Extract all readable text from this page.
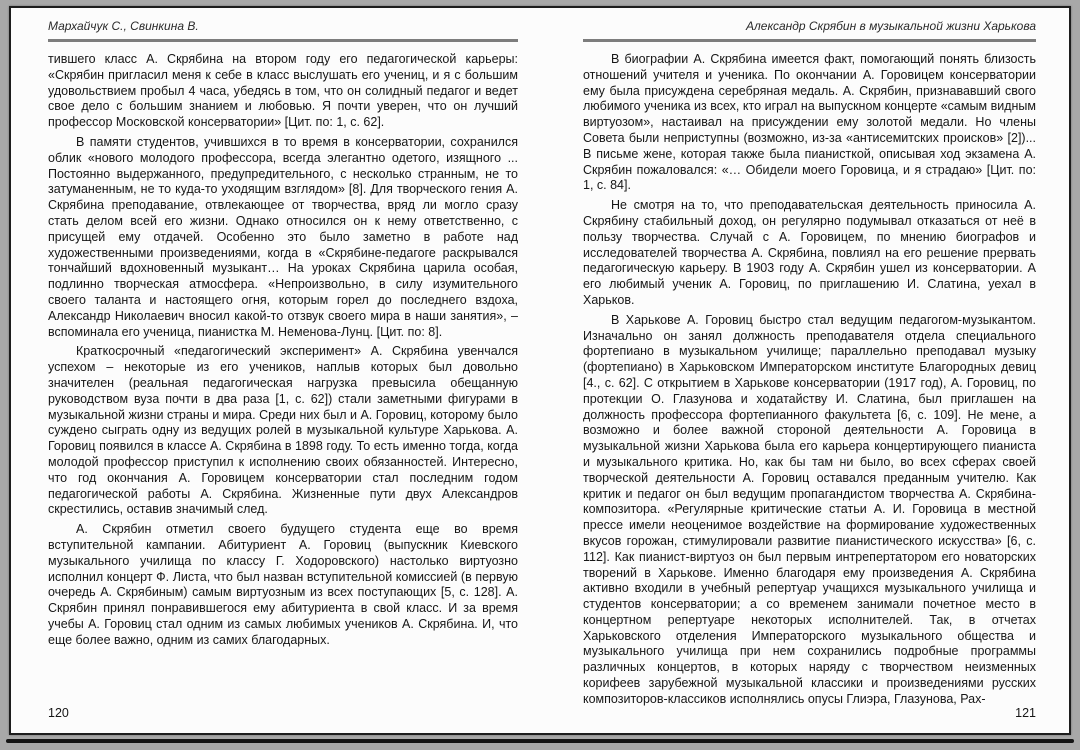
Мархайчук С., Свинкина В.

тившего класс А. Скрябина на втором году его педагогической карьеры: «Скрябин пригласил меня к себе в класс выслушать его учениц, и я с большим удовольствием пробыл 4 часа, убедясь в том, что он солидный педагог и ведет свое дело с большим знанием и любовью. Я почти уверен, что он лучший профессор Московской консерватории» [Цит. по: 1, с. 62].

В памяти студентов, учившихся в то время в консерватории, сохранился облик «нового молодого профессора, всегда элегантно одетого, изящного ... Постоянно выдержанного, предупредительного, с несколько странным, не то затуманенным, не то куда-то уходящим взглядом» [8]. Для творческого гения А. Скрябина преподавание, отвлекающее от творчества, вряд ли могло сразу стать делом всей его жизни. Однако относился он к нему ответственно, с присущей ему отдачей. Особенно это было заметно в работе над художественными произведениями, когда в «Скрябине-педагоге раскрывался тончайший вдохновенный музыкант… На уроках Скрябина царила особая, подлинно творческая атмосфера. «Непроизвольно, в силу изумительного своего таланта и настоящего огня, которым горел до последнего вздоха, Александр Николаевич вносил какой-то отзвук своего мира в наши занятия», – вспоминала его ученица, пианистка М. Неменова-Лунц. [Цит. по: 8].

Краткосрочный «педагогический эксперимент» А. Скрябина увенчался успехом – некоторые из его учеников, наплыв которых был довольно значителен (реальная педагогическая нагрузка превысила обещанную руководством вуза почти в два раза [1, с. 62]) стали заметными фигурами в музыкальной жизни страны и мира. Среди них был и А. Горовиц, которому было суждено сыграть одну из ведущих ролей в музыкальной культуре Харькова. А. Горовиц появился в классе А. Скрябина в 1898 году. То есть именно тогда, когда молодой профессор приступил к исполнению своих обязанностей. Интересно, что год окончания А. Горовицем консерватории стал последним годом педагогической работы А. Скрябина. Жизненные пути двух Александров скрестились, оставив значимый след.

А. Скрябин отметил своего будущего студента еще во время вступительной кампании. Абитуриент А. Горовиц (выпускник Киевского музыкального училища по классу Г. Ходоровского) настолько виртуозно исполнил концерт Ф. Листа, что был назван вступительной комиссией (в первую очередь А. Скрябиным) самым виртуозным из всех поступающих [5, с. 128]. А. Скрябин принял понравившегося ему абитуриента в свой класс. И за время учебы А. Горовиц стал одним из самых любимых учеников А. Скрябина. И, что еще более важно, одним из самих благодарных.

120
Александр Скрябин в музыкальной жизни Харькова

В биографии А. Скрябина имеется факт, помогающий понять близость отношений учителя и ученика. По окончании А. Горовицем консерватории ему была присуждена серебряная медаль. А. Скрябин, признававший свого любимого ученика из всех, кто играл на выпускном концерте «самым видным виртуозом», настаивал на присуждении ему золотой медали. Но члены Совета были неприступны (возможно, из-за «антисемитских происков» [2])... В письме жене, которая также была пианисткой, описывая ход экзамена А. Скрябин пожаловался: «… Обидели моего Горовица, и я страдаю» [Цит. по: 1, с. 84].

Не смотря на то, что преподавательская деятельность приносила А. Скрябину стабильный доход, он регулярно подумывал отказаться от неё в пользу творчества. Случай с А. Горовицем, по мнению биографов и исследователей творчества А. Скрябина, повлиял на его решение прервать педагогическую карьеру. В 1903 году А. Скрябин ушел из консерватории. А его любимый ученик А. Горовиц, по приглашению И. Слатина, уехал в Харьков.

В Харькове А. Горовиц быстро стал ведущим педагогом-музыкантом. Изначально он занял должность преподавателя отдела специального фортепиано в музыкальном училище; параллельно преподавал музыку (фортепиано) в Харьковском Императорском институте Благородных девиц [4., с. 62]. С открытием в Харькове консерватории (1917 год), А. Горовиц, по протекции О. Глазунова и ходатайству И. Слатина, был приглашен на должность профессора фортепианного факультета [6, с. 109]. Не мене, а возможно и более важной стороной деятельности А. Горовица в музыкальной жизни Харькова была его карьера концертирующего пианиста и музыкального критика. Но, как бы там ни было, во всех сферах своей творческой деятельности А. Горовиц оставался преданным учителю. Как критик и педагог он был ведущим пропагандистом творчества А. Скрябина-композитора. «Регулярные критические статьи А. И. Горовица в местной прессе имели неоценимое воздействие на формирование художественных вкусов горожан, стимулировали развитие пианистического искусства» [6, с. 112]. Как пианист-виртуоз он был первым интрепертатором его новаторских творений в Харькове. Именно благодаря ему произведения А. Скрябина активно входили в учебный репертуар учащихся музыкального училища и студентов консерватории; а со временем занимали почетное место в концертном репертуаре некоторых исполнителей. Так, в отчетах Харьковского отделения Императорского музыкального общества и музыкального училища при нем сохранились подробные программы различных концертов, в которых наряду с творчеством неизменных корифеев зарубежной музыкальной классики и произведениями русских композиторов-классиков исполнялись опусы Глиэра, Глазунова, Рах-

121
